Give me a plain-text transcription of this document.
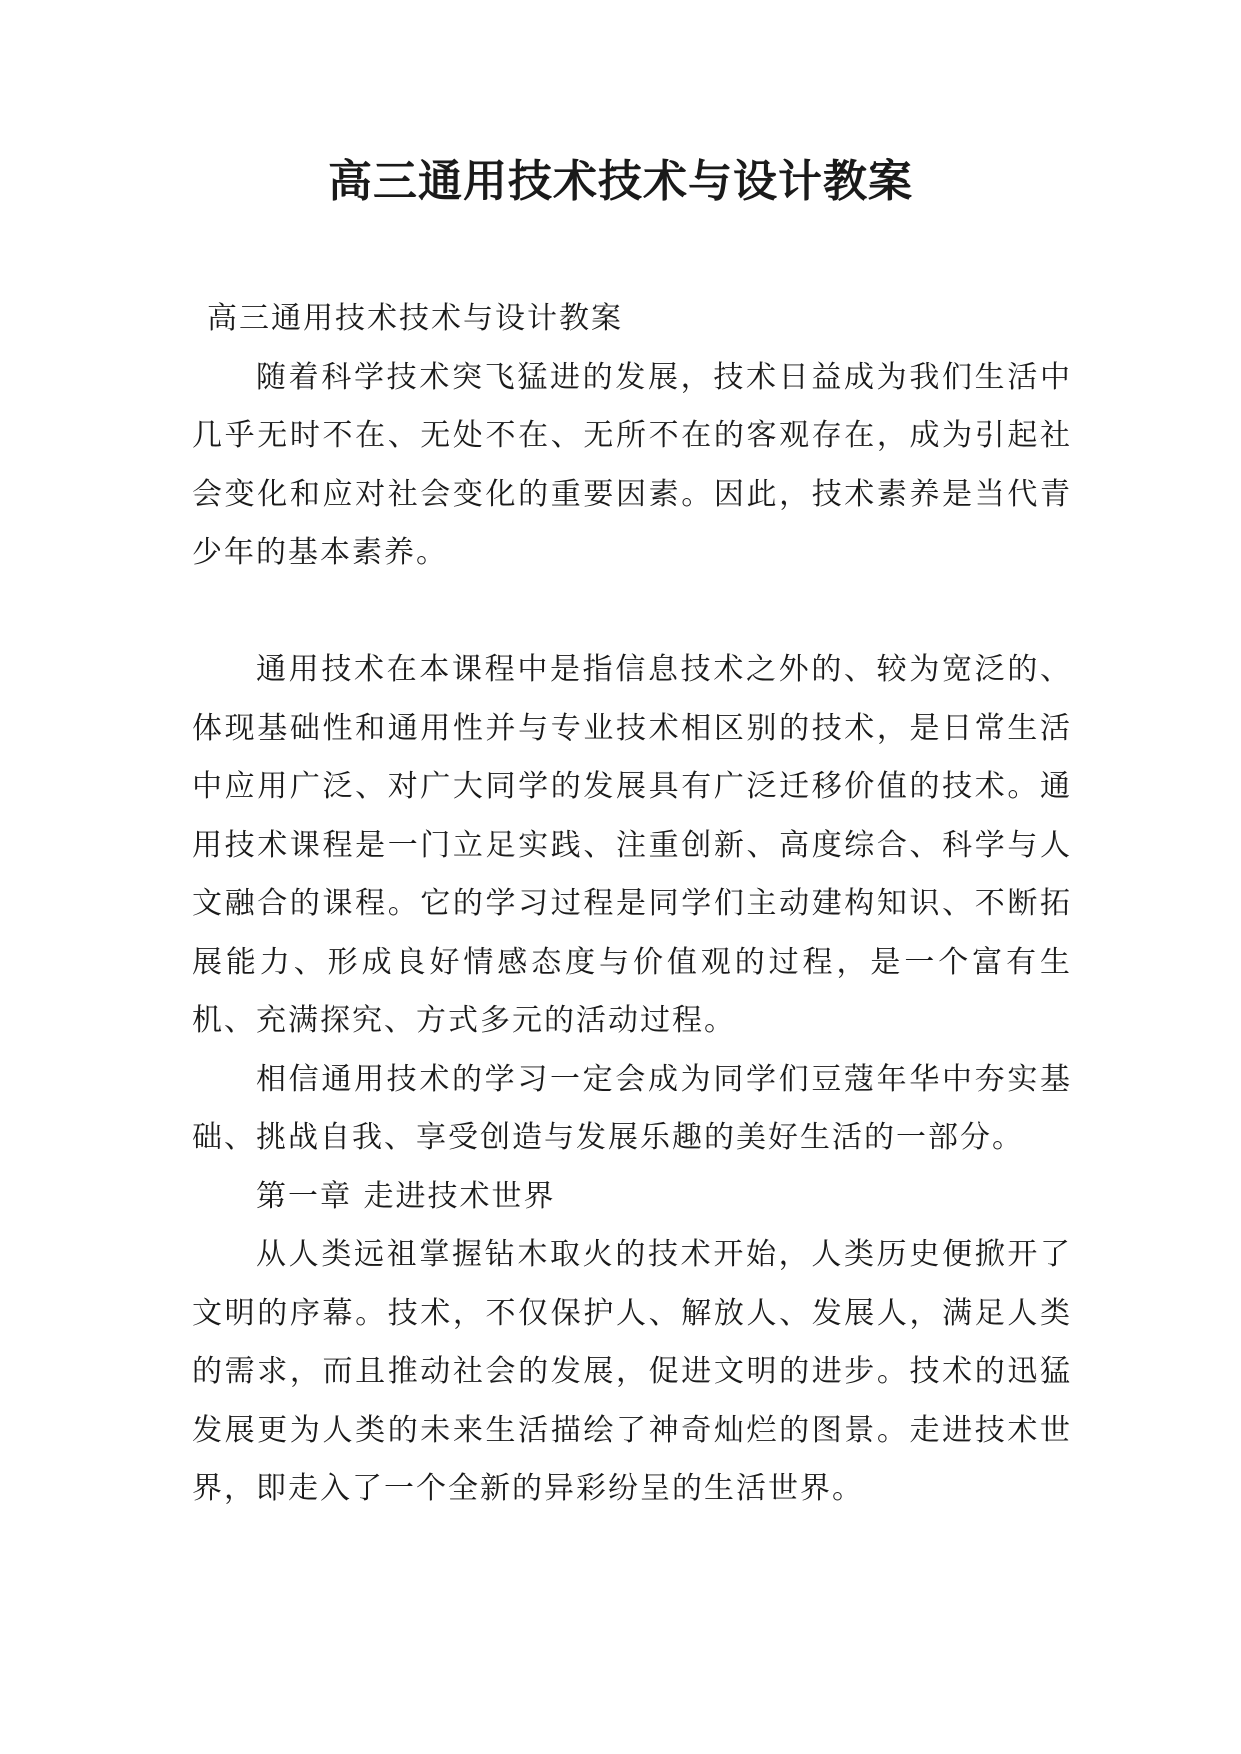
高三通用技术技术与设计教案

高三通用技术技术与设计教案

随着科学技术突飞猛进的发展，技术日益成为我们生活中几乎无时不在、无处不在、无所不在的客观存在，成为引起社会变化和应对社会变化的重要因素。因此，技术素养是当代青少年的基本素养。

通用技术在本课程中是指信息技术之外的、较为宽泛的、体现基础性和通用性并与专业技术相区别的技术，是日常生活中应用广泛、对广大同学的发展具有广泛迁移价值的技术。通用技术课程是一门立足实践、注重创新、高度综合、科学与人文融合的课程。它的学习过程是同学们主动建构知识、不断拓展能力、形成良好情感态度与价值观的过程，是一个富有生机、充满探究、方式多元的活动过程。

相信通用技术的学习一定会成为同学们豆蔻年华中夯实基础、挑战自我、享受创造与发展乐趣的美好生活的一部分。

第一章 走进技术世界

从人类远祖掌握钻木取火的技术开始，人类历史便掀开了文明的序幕。技术，不仅保护人、解放人、发展人，满足人类的需求，而且推动社会的发展，促进文明的进步。技术的迅猛发展更为人类的未来生活描绘了神奇灿烂的图景。走进技术世界，即走入了一个全新的异彩纷呈的生活世界。
